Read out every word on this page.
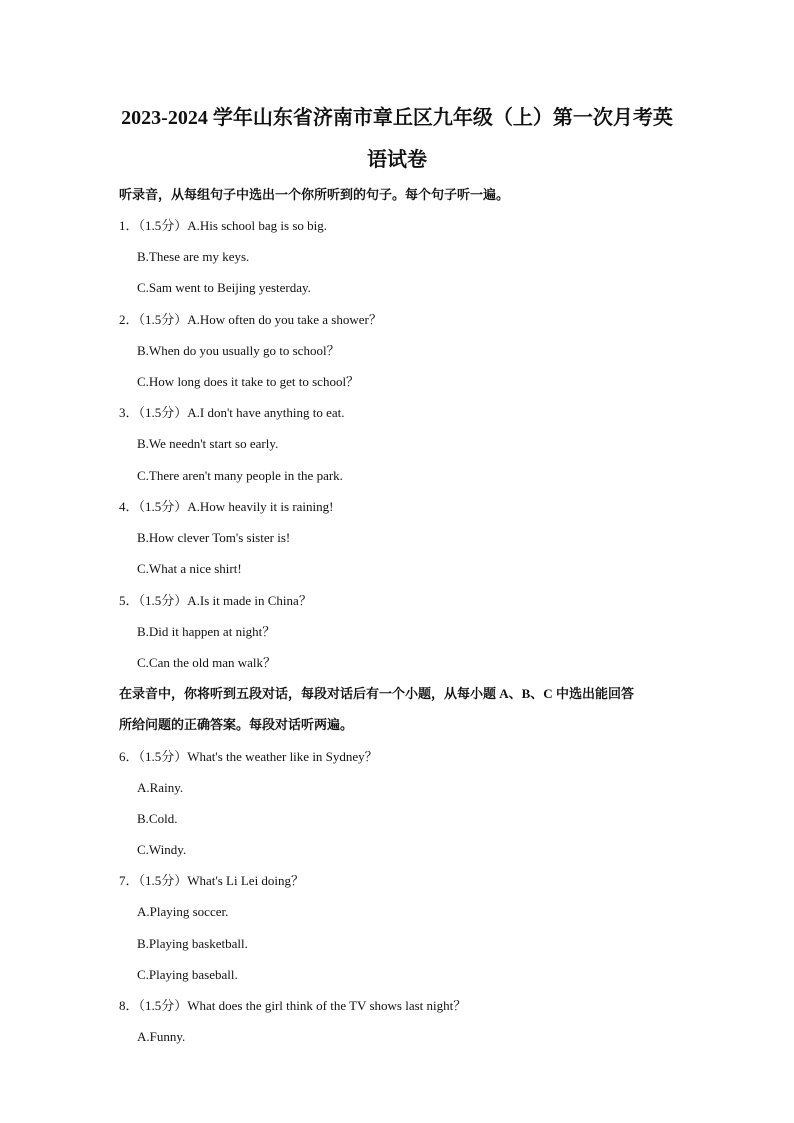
2023-2024 学年山东省济南市章丘区九年级（上）第一次月考英
语试卷
听录音，从每组句子中选出一个你所听到的句子。每个句子听一遍。
1．（1.5分）A.His school bag is so big.
B.These are my keys.
C.Sam went to Beijing yesterday.
2．（1.5分）A.How often do you take a shower？
B.When do you usually go to school？
C.How long does it take to get to school？
3．（1.5分）A.I don't have anything to eat.
B.We needn't start so early.
C.There aren't many people in the park.
4．（1.5分）A.How heavily it is raining!
B.How clever Tom's sister is!
C.What a nice shirt!
5．（1.5分）A.Is it made in China？
B.Did it happen at night？
C.Can the old man walk？
在录音中，你将听到五段对话，每段对话后有一个小题，从每小题 A、B、C 中选出能回答
所给问题的正确答案。每段对话听两遍。
6．（1.5分）What's the weather like in Sydney？
A.Rainy.
B.Cold.
C.Windy.
7．（1.5分）What's Li Lei doing？
A.Playing soccer.
B.Playing basketball.
C.Playing baseball.
8．（1.5分）What does the girl think of the TV shows last night？
A.Funny.
